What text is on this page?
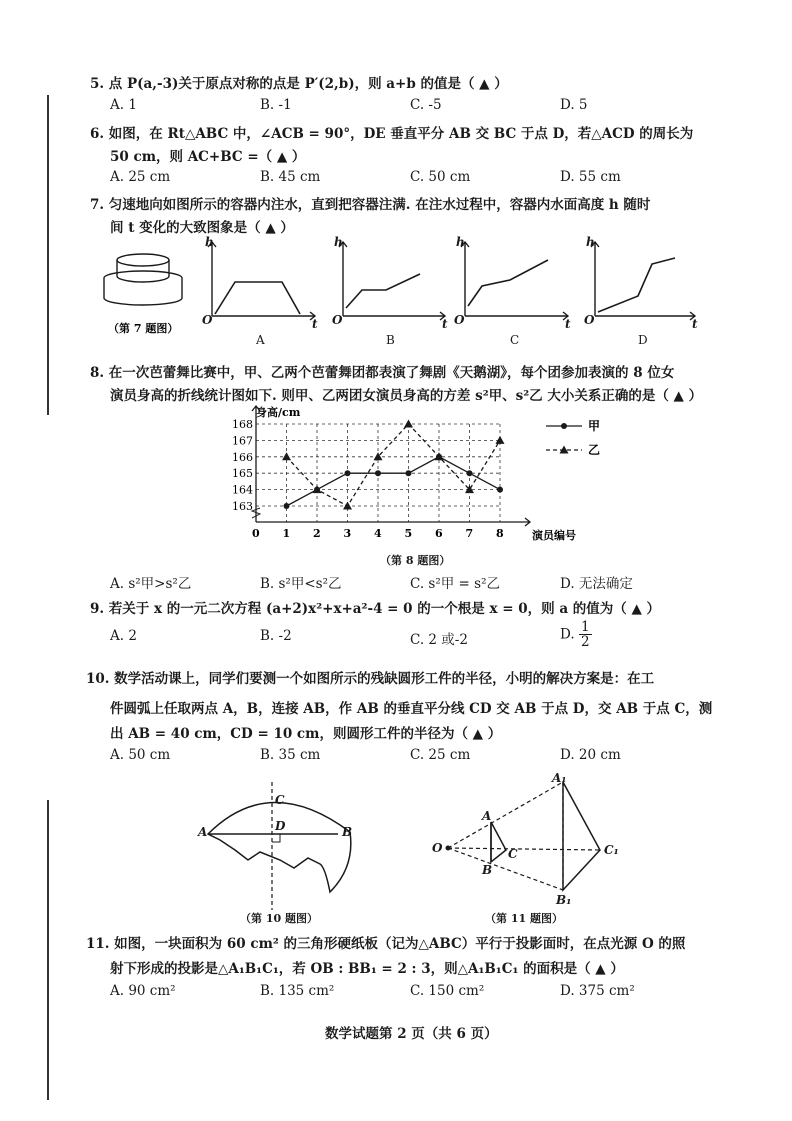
5. 点 P(a,-3)关于原点对称的点是 P′(2,b)，则 a+b 的值是（ ▲ ）
A. 1	B. -1	C. -5	D. 5
6. 如图，在 Rt△ABC 中，∠ACB = 90°，DE 垂直平分 AB 交 BC 于点 D，若△ACD 的周长为
50 cm，则 AC+BC =（ ▲ ）
A. 25 cm	B. 45 cm	C. 50 cm	D. 55 cm
7. 匀速地向如图所示的容器内注水，直到把容器注满. 在注水过程中，容器内水面高度 h 随时
间 t 变化的大致图象是（ ▲ ）
（第 7 题图）
h
O	t
h
O	t
h
O	t
h
O	t
A	B	C	D
8. 在一次芭蕾舞比赛中，甲、乙两个芭蕾舞团都表演了舞剧《天鹅湖》，每个团参加表演的 8 位女
演员身高的折线统计图如下. 则甲、乙两团女演员身高的方差 s²甲、s²乙 大小关系正确的是（ ▲ ）
身高/cm
演员编号
163
164
165
166
167
168
0 1 2 3 4 5 6 7 8
甲
乙
（第 8 题图）
A. s²甲>s²乙	B. s²甲<s²乙	C. s²甲 = s²乙	D. 无法确定
9. 若关于 x 的一元二次方程 (a+2)x²+x+a²-4 = 0 的一个根是 x = 0，则 a 的值为（ ▲ ）
A. 2	B. -2	C. 2 或-2	D. $\frac{1}{2}$
10. 数学活动课上，同学们要测一个如图所示的残缺圆形工件的半径，小明的解决方案是：在工
件圆弧上任取两点 A，B，连接 AB，作 AB 的垂直平分线 CD 交 AB 于点 D，交 AB 于点 C，测
出 AB = 40 cm，CD = 10 cm，则圆形工件的半径为（ ▲ ）
A. 50 cm	B. 35 cm	C. 25 cm	D. 20 cm
A	B
C
D
（第 10 题图）
A
B
C
O
A₁
B₁
C₁
（第 11 题图）
11. 如图，一块面积为 60 cm² 的三角形硬纸板（记为△ABC）平行于投影面时，在点光源 O 的照
射下形成的投影是△A₁B₁C₁，若 OB : BB₁ = 2 : 3，则△A₁B₁C₁ 的面积是（ ▲ ）
A. 90 cm²	B. 135 cm²	C. 150 cm²	D. 375 cm²
数学试题第 2 页（共 6 页）
